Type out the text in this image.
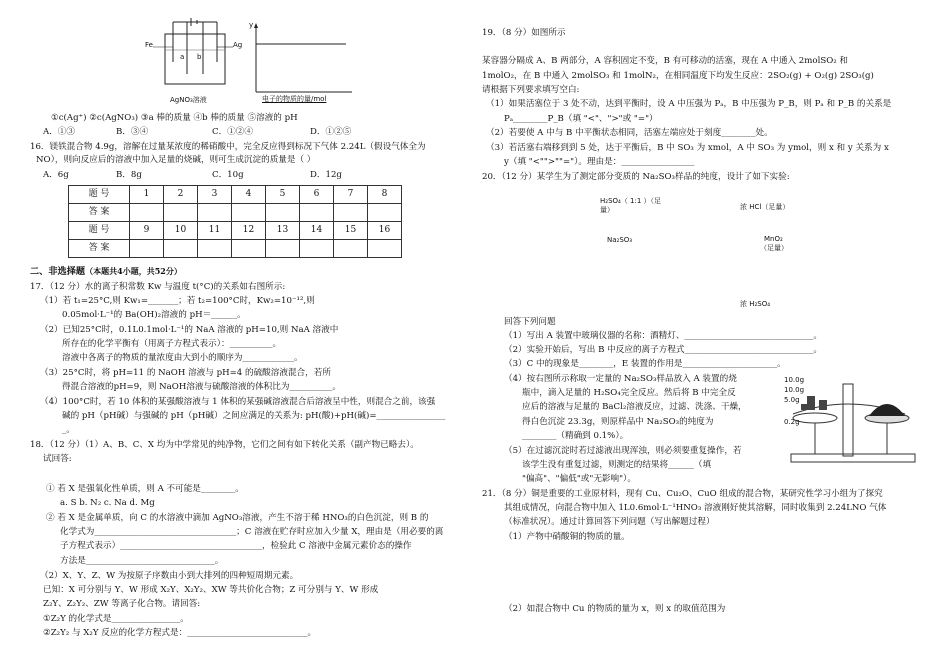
Fe	Ag
a b
AgNO₃溶液
y
电子的物质的量/mol
①c(Ag⁺) ②c(AgNO₃) ③a 棒的质量 ④b 棒的质量 ⑤溶液的 pH
A．①③	B．③④	C．①②④	D．①②⑤
16．镁铁混合物 4.9g，溶解在过量某浓度的稀硝酸中，完全反应得到标况下气体 2.24L（假设气体全为
NO），则向反应后的溶液中加入足量的烧碱，则可生成沉淀的质量是（ ）
A．6g	B．8g	C．10g	D．12g
题 号	1	2	3	4	5	6	7	8
答 案								
题 号	9	10	11	12	13	14	15	16
答 案								
二、非选择题（本题共4小题，共52分）
17．（12 分）水的离子积常数 Kw 与温度 t(°C)的关系如右图所示:
（1）若 t₁=25°C,则 Kw₁=_______；若 t₂=100°C时，Kw₂=10⁻¹²,则
0.05mol·L⁻¹的 Ba(OH)₂溶液的 pH＝______。
（2）已知25°C时，0.1L0.1mol·L⁻¹的 NaA 溶液的 pH=10,则 NaA 溶液中
所存在的化学平衡有（用离子方程式表示）：__________。
溶液中各离子的物质的量浓度由大到小的顺序为____________。
（3）25°C时，将 pH=11 的 NaOH 溶液与 pH=4 的硫酸溶液混合，若所
得混合溶液的pH=9，则 NaOH溶液与硫酸溶液的体积比为__________。
（4）100°C时，若 10 体积的某强酸溶液与 1 体积的某强碱溶液混合后溶液呈中性，则混合之前，该强
碱的 pH（pH碱）与强碱的 pH（pH碱）之间应满足的关系为: pH(酸)+pH(碱)=________________
_。
18．（12 分）（1）A、B、C、X 均为中学常见的纯净物，它们之间有如下转化关系（副产物已略去）。
试回答:
① 若 X 是强氧化性单质，则 A 不可能是________。
a. S b. N₂ c. Na d. Mg
② 若 X 是金属单质，向 C 的水溶液中滴加 AgNO₃溶液，产生不溶于稀 HNO₃的白色沉淀，则 B 的
化学式为_________________________________；C 溶液在贮存时应加入少量 X，理由是（用必要的离
子方程式表示）_________________________________，检验此 C 溶液中金属元素价态的操作
方法是______________________________。
（2）X、Y、Z、W 为按原子序数由小到大排列的四种短周期元素。
已知：X 可分别与 Y、W 形成 X₂Y、X₂Y₂、XW 等共价化合物；Z 可分别与 Y、W 形成
Z₂Y、Z₂Y₂、ZW 等离子化合物。请回答:
①Z₂Y 的化学式是________________。
②Z₂Y₂ 与 X₂Y 反应的化学方程式是：____________________________。
19．（8 分）如图所示
某容器分隔成 A、B 两部分，A 容积固定不变，B 有可移动的活塞，现在 A 中通入 2molSO₂ 和
1molO₂，在 B 中通入 2molSO₃ 和 1molN₂，在相同温度下均发生反应：2SO₂(g) + O₂(g) 2SO₃(g)
请根据下列要求填写空白:
（1）如果活塞位于 3 处不动，达到平衡时，设 A 中压强为 Pₐ，B 中压强为 P_B，则 Pₐ 和 P_B 的关系是
Pₐ________P_B（填 "<"、">"或 "="）
（2）若要使 A 中与 B 中平衡状态相同，活塞左端应处于刻度________处。
（3）若活塞右端移到到 5 处，达于平衡后，B 中 SO₃ 为 xmol，A 中 SO₃ 为 ymol，则 x 和 y 关系为 x
y（填 "<"">""="）。理由是：_________________
20．（12 分）某学生为了测定部分变质的 Na₂SO₃样品的纯度，设计了如下实验:
H₂SO₄（ 1:1 ）（足
量）	浓 HCl（足量）
Na₂SO₃	MnO₂
（足量）
浓 H₂SO₄
回答下列问题
（1）写出 A 装置中玻璃仪器的名称：酒精灯、______________________________。
（2）实验开始后，写出 B 中反应的离子方程式______________________________。
（3）C 中的现象是________，E 装置的作用是______________________。
（4）按右图所示称取一定量的 Na₂SO₃样品放入 A 装置的烧
瓶中，滴入足量的 H₂SO₄完全反应。然后将 B 中完全反
应后的溶液与足量的 BaCl₂溶液反应，过滤、洗涤、干燥，
得白色沉淀 23.3g，则原样品中 Na₂SO₃的纯度为
________（精确到 0.1%）。
（5）在过滤沉淀时若过滤液出现浑浊，则必须要重复操作，若
该学生没有重复过滤，则测定的结果将______（填
"偏高"、"偏低"或"无影响"）。
10.0g
10.0g
5.0g
0.2g
21．（8 分）铜是重要的工业原材料，现有 Cu、Cu₂O、CuO 组成的混合物，某研究性学习小组为了探究
其组成情况，向混合物中加入 1L0.6mol·L⁻¹HNO₃ 溶液刚好使其溶解，同时收集到 2.24LNO 气体
（标准状况）。通过计算回答下列问题（写出解题过程）
（1）产物中硝酸铜的物质的量。
（2）如混合物中 Cu 的物质的量为 x，则 x 的取值范围为
